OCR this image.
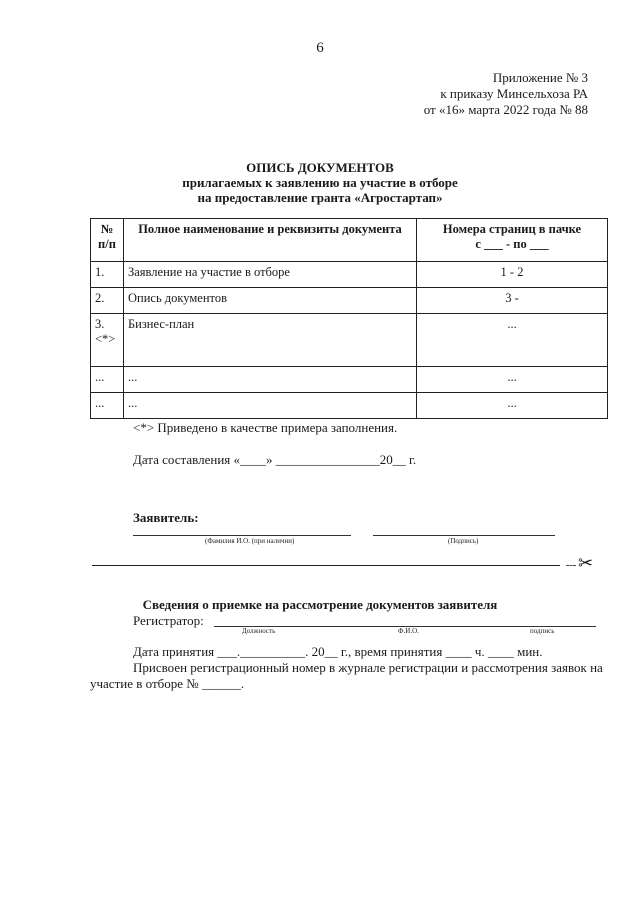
6
Приложение № 3
к приказу Минсельхоза РА
от «16» марта 2022 года № 88
ОПИСЬ ДОКУМЕНТОВ
прилагаемых к заявлению на участие в отборе
на предоставление гранта «Агростартап»
№ п/п	Полное наименование и реквизиты документа	Номера страниц в пачке
с ___ - по ___

1.	Заявление на участие в отборе	1 - 2
2.	Опись документов	3 -
3. <*>	Бизнес-план	...
...	...	...
...	...	...
<*> Приведено в качестве примера заполнения.
Дата составления «____» ________________20__ г.
Заявитель:
(Фамилия И.О. (при наличии)	(Подпись)
✂
Сведения о приемке на рассмотрение документов заявителя
Регистратор:
Должность	Ф.И.О.	подпись
Дата принятия ___.__________. 20__ г., время принятия ____ ч. ____ мин.
Присвоен регистрационный номер в журнале регистрации и рассмотрения заявок на
участие в отборе № ______.
